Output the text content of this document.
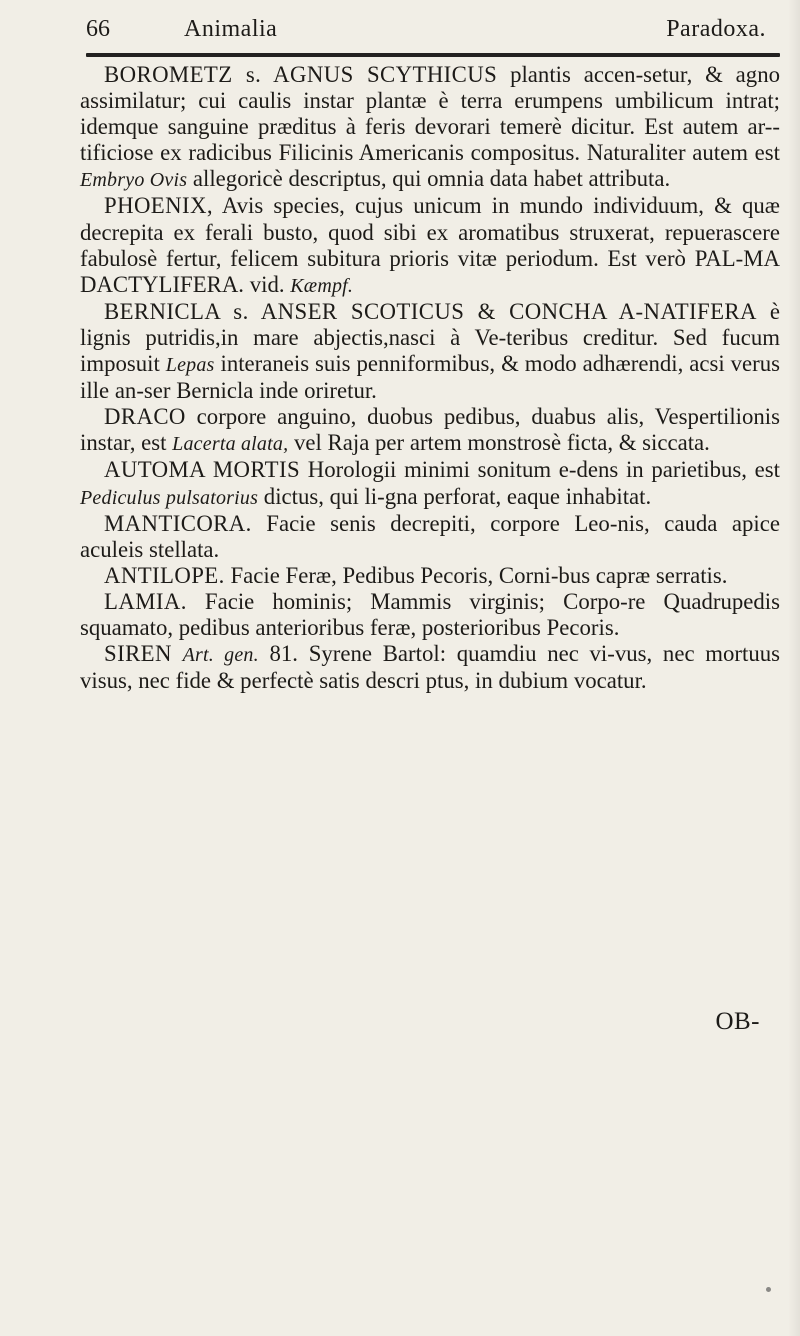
66	Animalia	Paradoxa.

BOROMETZ s. AGNUS SCYTHICUS plantis accen-setur, & agno assimilatur; cui caulis instar plantæ è terra erumpens umbilicum intrat; idemque sanguine præditus à feris devorari temerè dicitur. Est autem ar-tificiose ex radicibus Filicinis Americanis compositus. Naturaliter autem est Embryo Ovis allegoricè descriptus, qui omnia data habet attributa.

PHOENIX, Avis species, cujus unicum in mundo individuum, & quæ decrepita ex ferali busto, quod sibi ex aromatibus struxerat, repuerascere fabulosè fertur, felicem subitura prioris vitæ periodum. Est verò PAL-MA DACTYLIFERA. vid. Kæmpf.

BERNICLA s. ANSER SCOTICUS & CONCHA A-NATIFERA è lignis putridis,in mare abjectis,nasci à Ve-teribus creditur. Sed fucum imposuit Lepas interaneis suis penniformibus, & modo adhærendi, acsi verus ille an-ser Bernicla inde oriretur.

DRACO corpore anguino, duobus pedibus, duabus alis, Vespertilionis instar, est Lacerta alata, vel Raja per artem monstrosè ficta, & siccata.

AUTOMA MORTIS Horologii minimi sonitum e-dens in parietibus, est Pediculus pulsatorius dictus, qui li-gna perforat, eaque inhabitat.

MANTICORA. Facie senis decrepiti, corpore Leo-nis, cauda apice aculeis stellata.

ANTILOPE. Facie Feræ, Pedibus Pecoris, Corni-bus capræ serratis.

LAMIA. Facie hominis; Mammis virginis; Corpo-re Quadrupedis squamato, pedibus anterioribus feræ, posterioribus Pecoris.

SIREN Art. gen. 81. Syrene Bartol: quamdiu nec vi-vus, nec mortuus visus, nec fide & perfectè satis descri ptus, in dubium vocatur.

OB-
